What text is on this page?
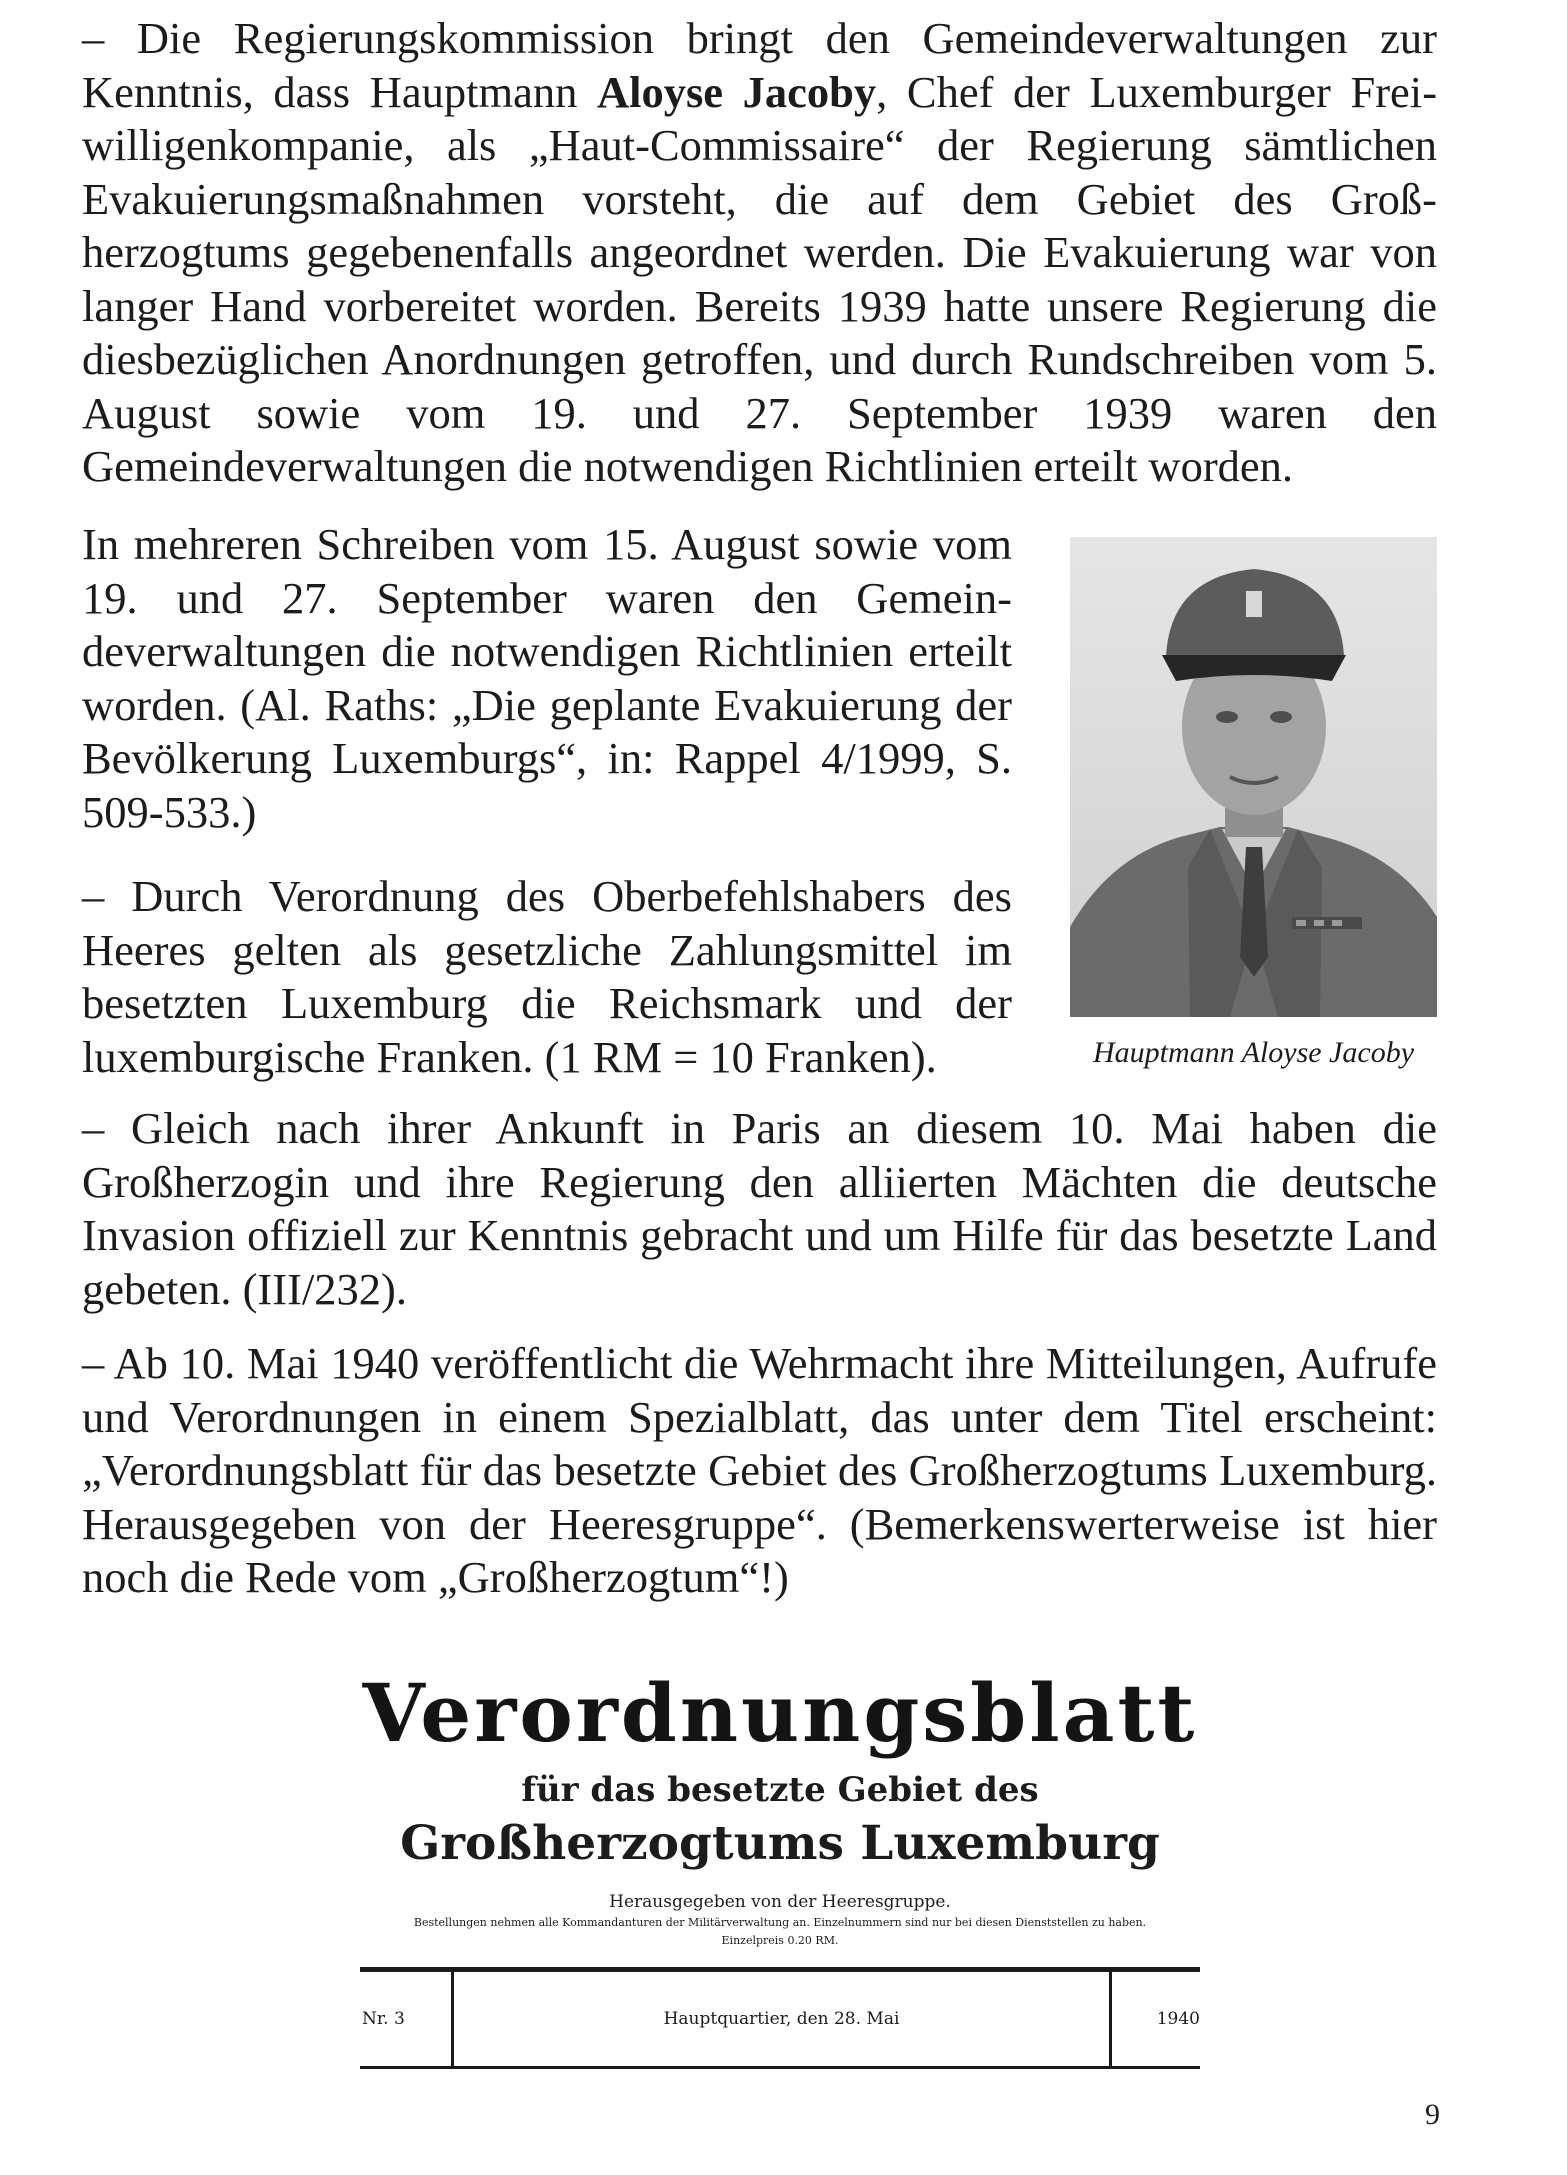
– Die Regierungskommission bringt den Gemeindeverwaltungen zur Kenntnis, dass Hauptmann Aloyse Jacoby, Chef der Luxemburger Freiwilligenkompanie, als „Haut-Commissaire“ der Regierung sämtlichen Evakuierungsmaßnahmen vorsteht, die auf dem Gebiet des Großherzogtums gegebenenfalls angeordnet werden. Die Evakuierung war von langer Hand vorbereitet worden. Bereits 1939 hatte unsere Regierung die diesbezüglichen Anordnungen getroffen, und durch Rundschreiben vom 5. August sowie vom 19. und 27. September 1939 waren den Gemeindeverwaltungen die notwendigen Richtlinien erteilt worden.
In mehreren Schreiben vom 15. August sowie vom 19. und 27. September waren den Gemeindeverwaltungen die notwendigen Richtlinien erteilt worden. (Al. Raths: „Die geplante Evakuierung der Bevölkerung Luxemburgs“, in: Rappel 4/1999, S. 509-533.)
– Durch Verordnung des Oberbefehlshabers des Heeres gelten als gesetzliche Zahlungsmittel im besetzten Luxemburg die Reichsmark und der luxemburgische Franken. (1 RM = 10 Franken).	Hauptmann Aloyse Jacoby
– Gleich nach ihrer Ankunft in Paris an diesem 10. Mai haben die Großherzogin und ihre Regierung den alliierten Mächten die deutsche Invasion offiziell zur Kenntnis gebracht und um Hilfe für das besetzte Land gebeten. (III/232).
– Ab 10. Mai 1940 veröffentlicht die Wehrmacht ihre Mitteilungen, Aufrufe und Verordnungen in einem Spezialblatt, das unter dem Titel erscheint: „Verordnungsblatt für das besetzte Gebiet des Großherzogtums Luxemburg. Herausgegeben von der Heeresgruppe“. (Bemerkenswerterweise ist hier noch die Rede vom „Großherzogtum“!)
Verordnungsblatt
für das besetzte Gebiet des
Großherzogtums Luxemburg
Herausgegeben von der Heeresgruppe.
Bestellungen nehmen alle Kommandanturen der Militärverwaltung an. Einzelnummern sind nur bei diesen Dienststellen zu haben.
Einzelpreis 0.20 RM.
Nr. 3	Hauptquartier, den 28. Mai	1940
9
